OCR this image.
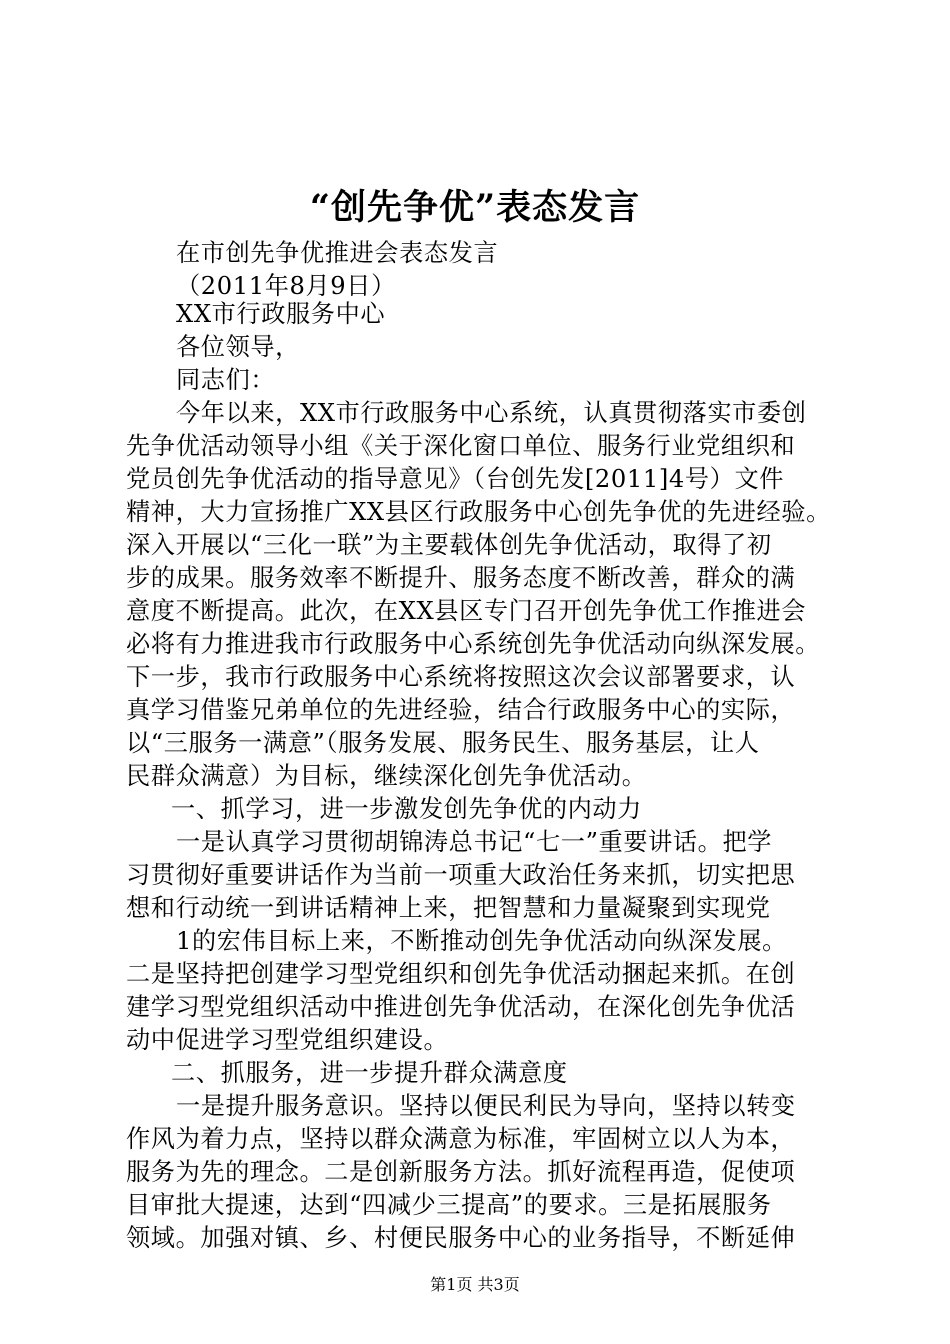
“创先争优”表态发言
在市创先争优推进会表态发言
（2011年8月9日）
XX市行政服务中心
各位领导，
同志们：
今年以来，XX市行政服务中心系统，认真贯彻落实市委创
先争优活动领导小组《关于深化窗口单位、服务行业党组织和
党员创先争优活动的指导意见》（台创先发[2011]4号）文件
精神，大力宣扬推广XX县区行政服务中心创先争优的先进经验。
深入开展以“三化一联”为主要载体创先争优活动，取得了初
步的成果。服务效率不断提升、服务态度不断改善，群众的满
意度不断提高。此次，在XX县区专门召开创先争优工作推进会
必将有力推进我市行政服务中心系统创先争优活动向纵深发展。
下一步，我市行政服务中心系统将按照这次会议部署要求，认
真学习借鉴兄弟单位的先进经验，结合行政服务中心的实际，
以“三服务一满意”（服务发展、服务民生、服务基层，让人
民群众满意）为目标，继续深化创先争优活动。
一、抓学习，进一步激发创先争优的内动力
一是认真学习贯彻胡锦涛总书记“七一”重要讲话。把学
习贯彻好重要讲话作为当前一项重大政治任务来抓，切实把思
想和行动统一到讲话精神上来，把智慧和力量凝聚到实现党
1的宏伟目标上来，不断推动创先争优活动向纵深发展。
二是坚持把创建学习型党组织和创先争优活动捆起来抓。在创
建学习型党组织活动中推进创先争优活动，在深化创先争优活
动中促进学习型党组织建设。
二、抓服务，进一步提升群众满意度
一是提升服务意识。坚持以便民利民为导向，坚持以转变
作风为着力点，坚持以群众满意为标准，牢固树立以人为本，
服务为先的理念。二是创新服务方法。抓好流程再造，促使项
目审批大提速，达到“四减少三提高”的要求。三是拓展服务
领域。加强对镇、乡、村便民服务中心的业务指导，不断延伸
第1页 共3页
